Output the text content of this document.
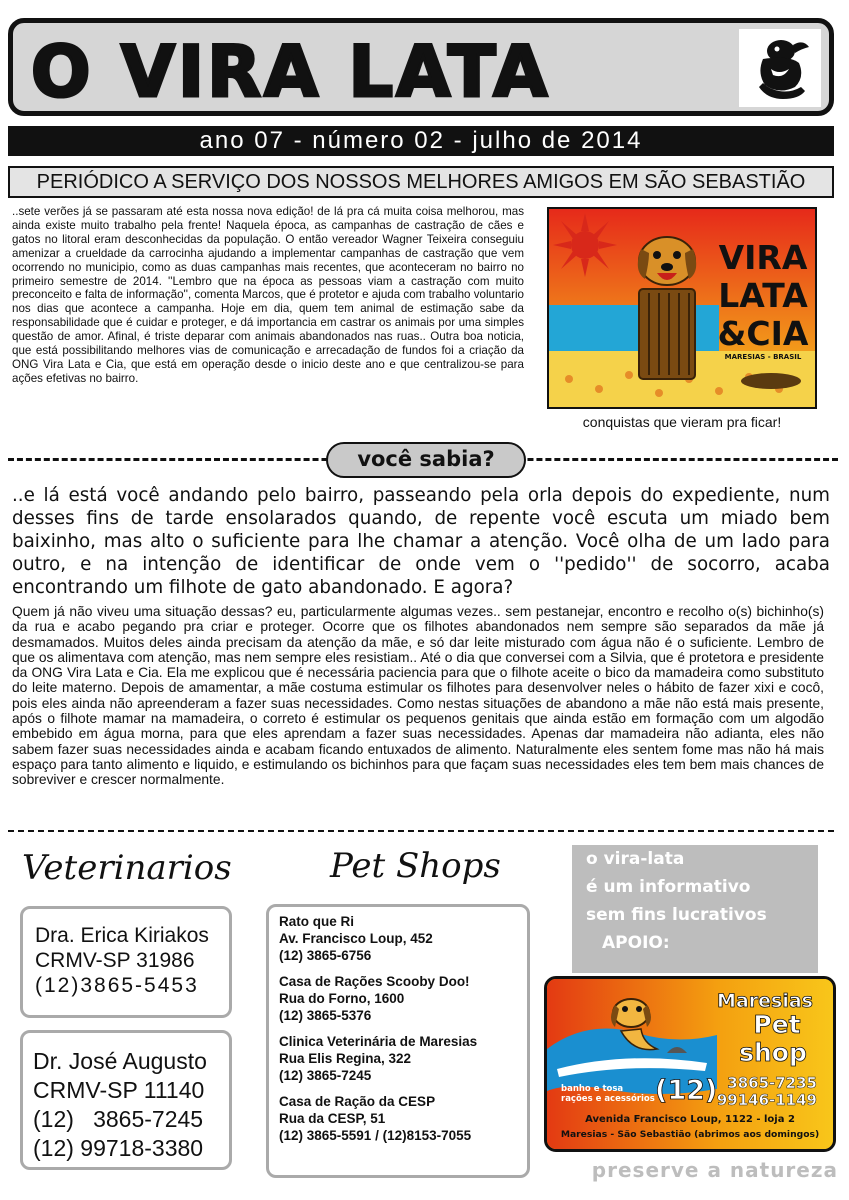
O VIRA LATA
ano 07 - número 02 - julho de 2014
PERIÓDICO A SERVIÇO DOS NOSSOS MELHORES AMIGOS EM SÃO SEBASTIÃO
..sete verões já se passaram até esta nossa nova edição! de lá pra cá muita coisa melhorou, mas ainda existe muito trabalho pela frente! Naquela época, as campanhas de castração de cães e gatos no litoral eram desconhecidas da população. O então vereador Wagner Teixeira conseguiu amenizar a crueldade da carrocinha ajudando a implementar campanhas de castração que vem ocorrendo no municipio, como as duas campanhas mais recentes, que aconteceram no bairro no primeiro semestre de 2014. ''Lembro que na época as pessoas viam a castração com muito preconceito e falta de informação'', comenta Marcos, que é protetor e ajuda com trabalho voluntario nos dias que acontece a campanha. Hoje em dia, quem tem animal de estimação sabe da responsabilidade que é cuidar e proteger, e dá importancia em castrar os animais por uma simples questão de amor. Afinal, é triste deparar com animais abandonados nas ruas.. Outra boa noticia, que está possibilitando melhores vias de comunicação e arrecadação de fundos foi a criação da ONG Vira Lata e Cia, que está em operação desde o inicio deste ano e que centralizou-se para ações efetivas no bairro.
VIRA
LATA
&CIA
MARESIAS - BRASIL
conquistas que vieram pra ficar!
você sabia?
..e lá está você andando pelo bairro, passeando pela orla depois do expediente, num desses fins de tarde ensolarados quando, de repente você escuta um miado bem baixinho, mas alto o suficiente para lhe chamar a atenção. Você olha de um lado para outro, e na intenção de identificar de onde vem o ''pedido'' de socorro, acaba encontrando um filhote de gato abandonado. E agora?
Quem já não viveu uma situação dessas? eu, particularmente algumas vezes.. sem pestanejar, encontro e recolho o(s) bichinho(s) da rua e acabo pegando pra criar e proteger. Ocorre que os filhotes abandonados nem sempre são separados da mãe já desmamados. Muitos deles ainda precisam da atenção da mãe, e só dar leite misturado com água não é o suficiente. Lembro de que os alimentava com atenção, mas nem sempre eles resistiam.. Até o dia que conversei com a Silvia, que é protetora e presidente da ONG Vira Lata e Cia. Ela me explicou que é necessária paciencia para que o filhote aceite o bico da mamadeira como substituto do leite materno. Depois de amamentar, a mãe costuma estimular os filhotes para desenvolver neles o hábito de fazer xixi e cocô, pois eles ainda não apreenderam a fazer suas necessidades. Como nestas situações de abandono a mãe não está mais presente, após o filhote mamar na mamadeira, o correto é estimular os pequenos genitais que ainda estão em formação com um algodão embebido em água morna, para que eles aprendam a fazer suas necessidades. Apenas dar mamadeira não adianta, eles não sabem fazer suas necessidades ainda e acabam ficando entuxados de alimento. Naturalmente eles sentem fome mas não há mais espaço para tanto alimento e liquido, e estimulando os bichinhos para que façam suas necessidades eles tem bem mais chances de sobreviver e crescer normalmente.
Veterinarios
Dra. Erica Kiriakos
CRMV-SP 31986
(12)3865-5453
Dr. José Augusto
CRMV-SP 11140
(12)   3865-7245
(12) 99718-3380
Pet Shops
Rato que Ri
Av. Francisco Loup, 452
(12) 3865-6756
Casa de Rações Scooby Doo!
Rua do Forno, 1600
(12) 3865-5376
Clinica Veterinária de Maresias
Rua Elis Regina, 322
(12) 3865-7245
Casa de Ração da CESP
Rua da CESP, 51
(12) 3865-5591 / (12)8153-7055
o vira-lata
é um informativo
sem fins lucrativos
APOIO:
Maresias
Pet
shop
banho e tosa
rações e acessórios (12) 3865-7235
99146-1149
Avenida Francisco Loup, 1122 - loja 2
Maresias - São Sebastião (abrimos aos domingos)
preserve a natureza
